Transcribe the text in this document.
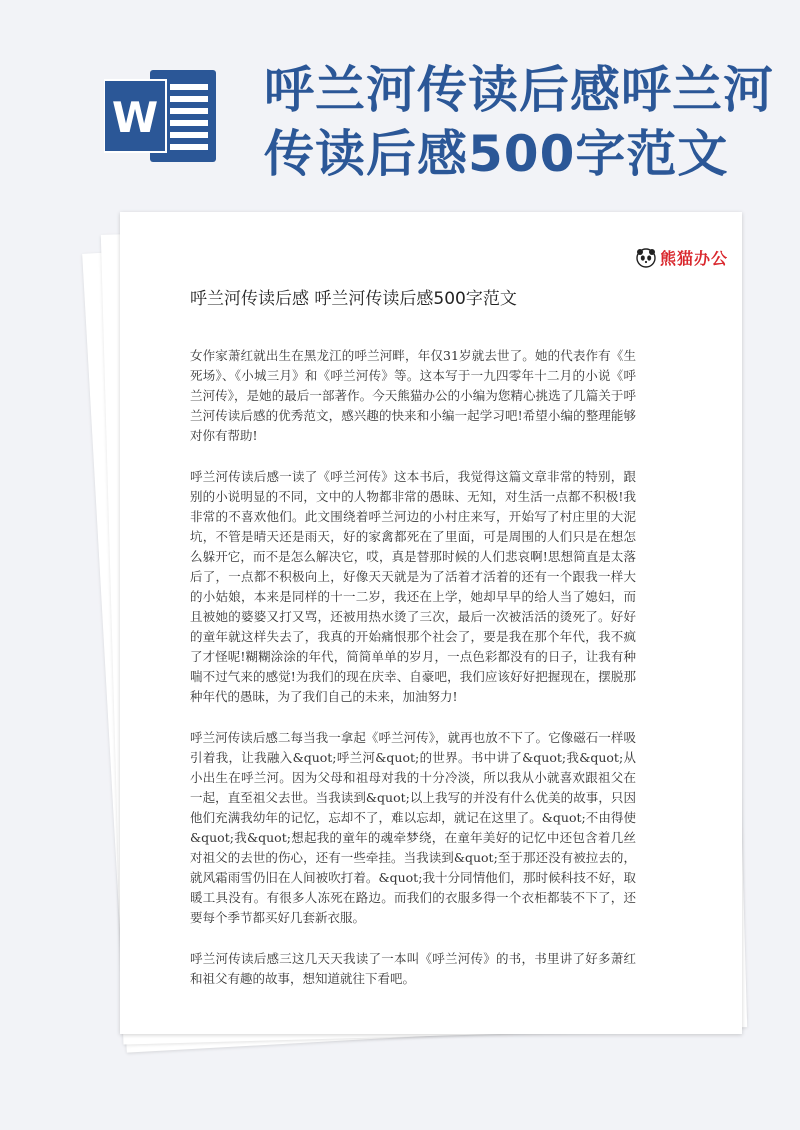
W 呼兰河传读后感呼兰河传读后感500字范文
熊猫办公
呼兰河传读后感 呼兰河传读后感500字范文

女作家萧红就出生在黑龙江的呼兰河畔，年仅31岁就去世了。她的代表作有《生死场》、《小城三月》和《呼兰河传》等。这本写于一九四零年十二月的小说《呼兰河传》，是她的最后一部著作。今天熊猫办公的小编为您精心挑选了几篇关于呼兰河传读后感的优秀范文，感兴趣的快来和小编一起学习吧!希望小编的整理能够对你有帮助!

呼兰河传读后感一读了《呼兰河传》这本书后，我觉得这篇文章非常的特别，跟别的小说明显的不同，文中的人物都非常的愚昧、无知，对生活一点都不积极!我非常的不喜欢他们。此文围绕着呼兰河边的小村庄来写，开始写了村庄里的大泥坑，不管是晴天还是雨天，好的家禽都死在了里面，可是周围的人们只是在想怎么躲开它，而不是怎么解决它，哎，真是替那时候的人们悲哀啊!思想简直是太落后了，一点都不积极向上，好像天天就是为了活着才活着的还有一个跟我一样大的小姑娘，本来是同样的十一二岁，我还在上学，她却早早的给人当了媳妇，而且被她的婆婆又打又骂，还被用热水烫了三次，最后一次被活活的烫死了。好好的童年就这样失去了，我真的开始痛恨那个社会了，要是我在那个年代，我不疯了才怪呢!糊糊涂涂的年代，简简单单的岁月，一点色彩都没有的日子，让我有种喘不过气来的感觉!为我们的现在庆幸、自豪吧，我们应该好好把握现在，摆脱那种年代的愚昧，为了我们自己的未来，加油努力!

呼兰河传读后感二每当我一拿起《呼兰河传》，就再也放不下了。它像磁石一样吸引着我，让我融入&quot;呼兰河&quot;的世界。书中讲了&quot;我&quot;从小出生在呼兰河。因为父母和祖母对我的十分冷淡，所以我从小就喜欢跟祖父在一起，直至祖父去世。当我读到&quot;以上我写的并没有什么优美的故事，只因他们充满我幼年的记忆，忘却不了，难以忘却，就记在这里了。&quot;不由得使&quot;我&quot;想起我的童年的魂牵梦绕，在童年美好的记忆中还包含着几丝对祖父的去世的伤心，还有一些牵挂。当我读到&quot;至于那还没有被拉去的，就风霜雨雪仍旧在人间被吹打着。&quot;我十分同情他们，那时候科技不好，取暖工具没有。有很多人冻死在路边。而我们的衣服多得一个衣柜都装不下了，还要每个季节都买好几套新衣服。

呼兰河传读后感三这几天天我读了一本叫《呼兰河传》的书，书里讲了好多萧红和祖父有趣的故事，想知道就往下看吧。
